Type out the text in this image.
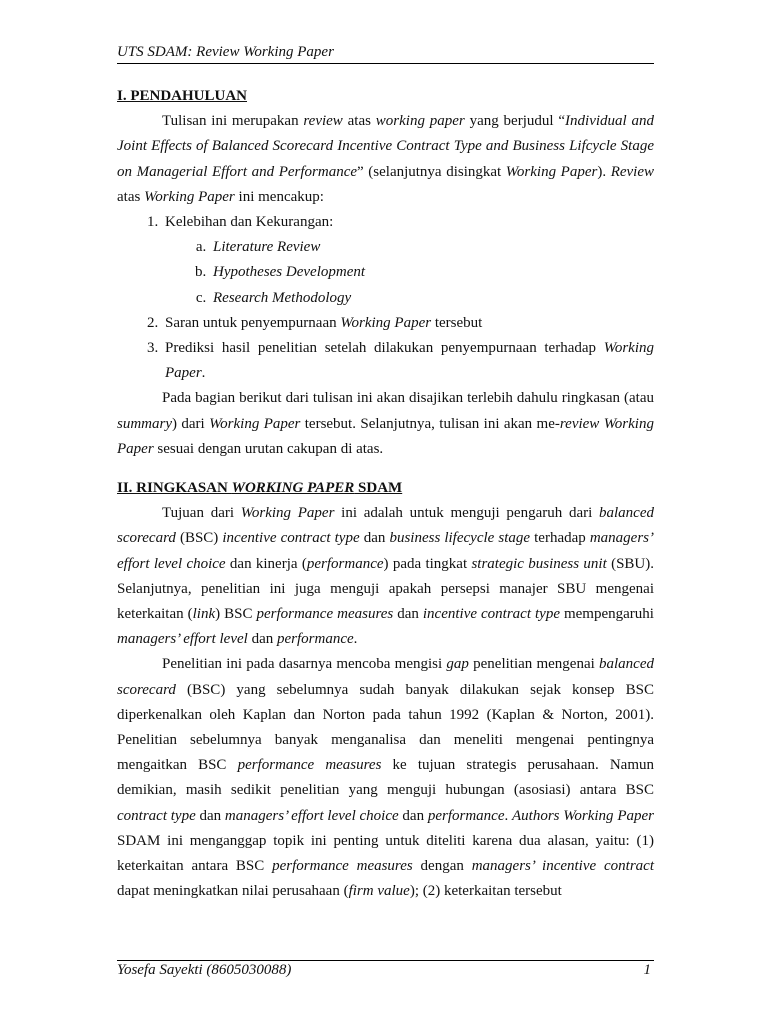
UTS SDAM: Review Working Paper

I. PENDAHULUAN

Tulisan ini merupakan review atas working paper yang berjudul “Individual and Joint Effects of Balanced Scorecard Incentive Contract Type and Business Lifcycle Stage on Managerial Effort and Performance” (selanjutnya disingkat Working Paper). Review atas Working Paper ini mencakup:

1. Kelebihan dan Kekurangan:
a. Literature Review
b. Hypotheses Development
c. Research Methodology
2. Saran untuk penyempurnaan Working Paper tersebut
3. Prediksi hasil penelitian setelah dilakukan penyempurnaan terhadap Working Paper.

Pada bagian berikut dari tulisan ini akan disajikan terlebih dahulu ringkasan (atau summary) dari Working Paper tersebut. Selanjutnya, tulisan ini akan me-review Working Paper sesuai dengan urutan cakupan di atas.

II. RINGKASAN WORKING PAPER SDAM

Tujuan dari Working Paper ini adalah untuk menguji pengaruh dari balanced scorecard (BSC) incentive contract type dan business lifecycle stage terhadap managers’ effort level choice dan kinerja (performance) pada tingkat strategic business unit (SBU). Selanjutnya, penelitian ini juga menguji apakah persepsi manajer SBU mengenai keterkaitan (link) BSC performance measures dan incentive contract type mempengaruhi managers’ effort level dan performance.

Penelitian ini pada dasarnya mencoba mengisi gap penelitian mengenai balanced scorecard (BSC) yang sebelumnya sudah banyak dilakukan sejak konsep BSC diperkenalkan oleh Kaplan dan Norton pada tahun 1992 (Kaplan & Norton, 2001). Penelitian sebelumnya banyak menganalisa dan meneliti mengenai pentingnya mengaitkan BSC performance measures ke tujuan strategis perusahaan. Namun demikian, masih sedikit penelitian yang menguji hubungan (asosiasi) antara BSC contract type dan managers’ effort level choice dan performance. Authors Working Paper SDAM ini menganggap topik ini penting untuk diteliti karena dua alasan, yaitu: (1) keterkaitan antara BSC performance measures dengan managers’ incentive contract dapat meningkatkan nilai perusahaan (firm value); (2) keterkaitan tersebut

Yosefa Sayekti (8605030088)	1
